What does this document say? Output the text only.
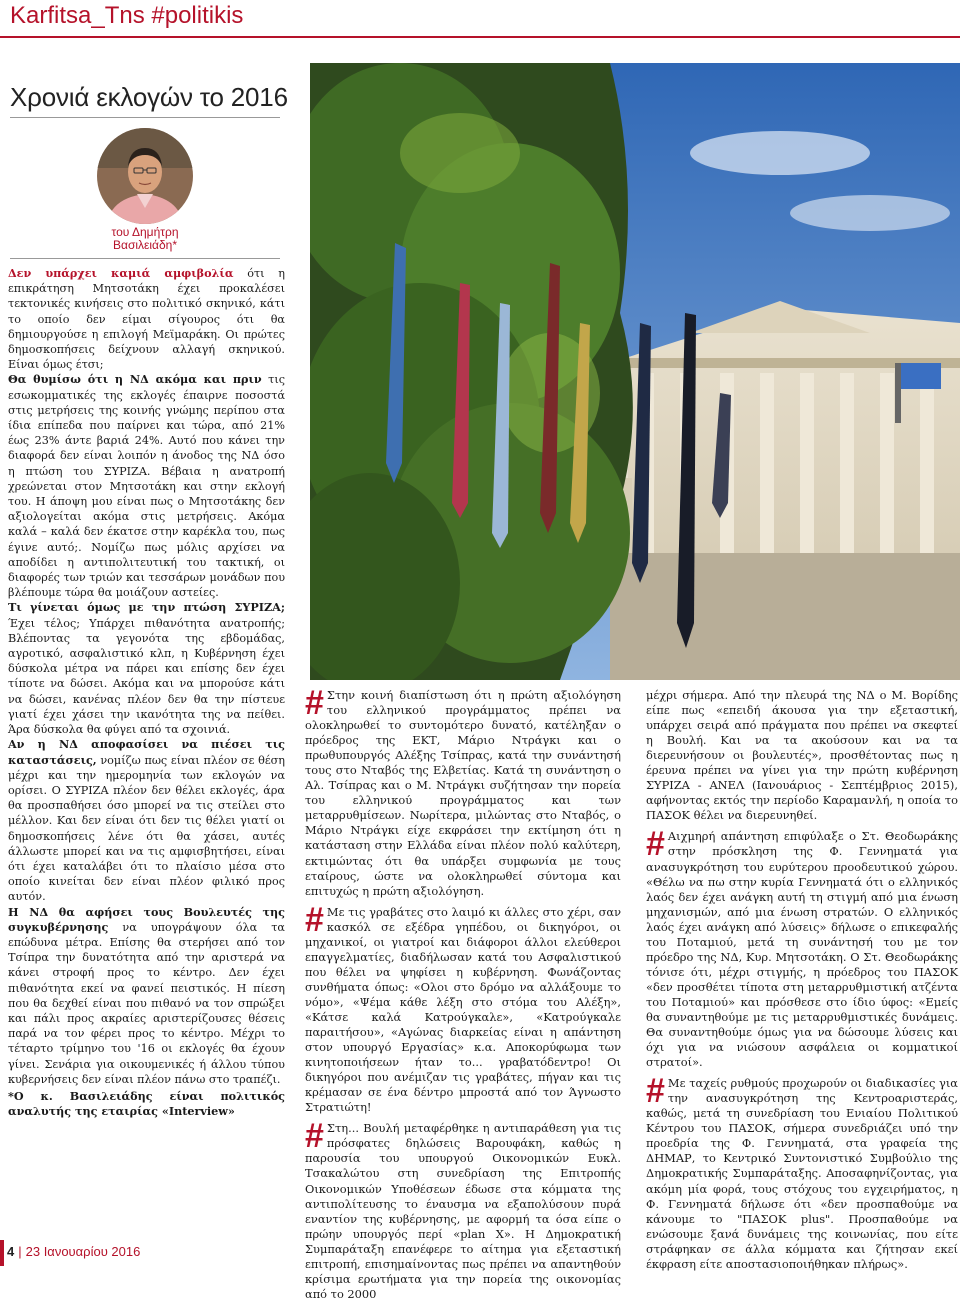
Karfitsa_Tns #politikis
Χρονιά εκλογών το 2016
του Δημήτρη
Βασιλειάδη*

Δεν υπάρχει καμιά αμφιβολία ότι η επικράτηση Μητσοτάκη έχει προκαλέσει τεκτονικές κινήσεις στο πολιτικό σκηνικό, κάτι το οποίο δεν είμαι σίγουρος ότι θα δημιουργούσε η επιλογή Μεϊμαράκη. Οι πρώτες δημοσκοπήσεις δείχνουν αλλαγή σκηνικού. Είναι όμως έτσι;

Θα θυμίσω ότι η ΝΔ ακόμα και πριν τις εσωκομματικές της εκλογές έπαιρνε ποσοστά στις μετρήσεις της κοινής γνώμης περίπου στα ίδια επίπεδα που παίρνει και τώρα, από 21% έως 23% άντε βαριά 24%. Αυτό που κάνει την διαφορά δεν είναι λοιπόν η άνοδος της ΝΔ όσο η πτώση του ΣΥΡΙΖΑ. Βέβαια η ανατροπή χρεώνεται στον Μητσοτάκη και στην εκλογή του. Η άποψη μου είναι πως ο Μητσοτάκης δεν αξιολογείται ακόμα στις μετρήσεις. Ακόμα καλά – καλά δεν έκατσε στην καρέκλα του, πως έγινε αυτό;. Νομίζω πως μόλις αρχίσει να αποδίδει η αντιπολιτευτική του τακτική, οι διαφορές των τριών και τεσσάρων μονάδων που βλέπουμε τώρα θα μοιάζουν αστείες.

Τι γίνεται όμως με την πτώση ΣΥΡΙΖΑ; Έχει τέλος; Υπάρχει πιθανότητα ανατροπής; Βλέποντας τα γεγονότα της εβδομάδας, αγροτικό, ασφαλιστικό κλπ, η Κυβέρνηση έχει δύσκολα μέτρα να πάρει και επίσης δεν έχει τίποτε να δώσει. Ακόμα και να μπορούσε κάτι να δώσει, κανένας πλέον δεν θα την πίστευε γιατί έχει χάσει την ικανότητα της να πείθει. Άρα δύσκολα θα φύγει από τα σχοινιά.

Αν η ΝΔ αποφασίσει να πιέσει τις καταστάσεις, νομίζω πως είναι πλέον σε θέση μέχρι και την ημερομηνία των εκλογών να ορίσει. Ο ΣΥΡΙΖΑ πλέον δεν θέλει εκλογές, άρα θα προσπαθήσει όσο μπορεί να τις στείλει στο μέλλον. Και δεν είναι ότι δεν τις θέλει γιατί οι δημοσκοπήσεις λένε ότι θα χάσει, αυτές άλλωστε μπορεί και να τις αμφισβητήσει, είναι ότι έχει καταλάβει ότι το πλαίσιο μέσα στο οποίο κινείται δεν είναι πλέον φιλικό προς αυτόν.

Η ΝΔ θα αφήσει τους Βουλευτές της συγκυβέρνησης να υπογράψουν όλα τα επώδυνα μέτρα. Επίσης θα στερήσει από τον Τσίπρα την δυνατότητα από την αριστερά να κάνει στροφή προς το κέντρο. Δεν έχει πιθανότητα εκεί να φανεί πειστικός. Η πίεση που θα δεχθεί είναι που πιθανό να τον σπρώξει και πάλι προς ακραίες αριστερίζουσες θέσεις παρά να τον φέρει προς το κέντρο. Μέχρι το τέταρτο τρίμηνο του '16 οι εκλογές θα έχουν γίνει. Σενάρια για οικουμενικές ή άλλου τύπου κυβερνήσεις δεν είναι πλέον πάνω στο τραπέζι.

*Ο κ. Βασιλειάδης είναι πολιτικός αναλυτής της εταιρίας «Interview»

# Στην κοινή διαπίστωση ότι η πρώτη αξιολόγηση του ελληνικού προγράμματος πρέπει να ολοκληρωθεί το συντομότερο δυνατό, κατέληξαν ο πρόεδρος της ΕΚΤ, Μάριο Ντράγκι και ο πρωθυπουργός Αλέξης Τσίπρας, κατά την συνάντησή τους στο Νταβός της Ελβετίας. Κατά τη συνάντηση ο Αλ. Τσίπρας και ο Μ. Ντράγκι συζήτησαν την πορεία του ελληνικού προγράμματος και των μεταρρυθμίσεων. Νωρίτερα, μιλώντας στο Νταβός, ο Μάριο Ντράγκι είχε εκφράσει την εκτίμηση ότι η κατάσταση στην Ελλάδα είναι πλέον πολύ καλύτερη, εκτιμώντας ότι θα υπάρξει συμφωνία με τους εταίρους, ώστε να ολοκληρωθεί σύντομα και επιτυχώς η πρώτη αξιολόγηση.

# Με τις γραβάτες στο λαιμό κι άλλες στο χέρι, σαν κασκόλ σε εξέδρα γηπέδου, οι δικηγόροι, οι μηχανικοί, οι γιατροί και διάφοροι άλλοι ελεύθεροι επαγγελματίες, διαδήλωσαν κατά του Ασφαλιστικού που θέλει να ψηφίσει η κυβέρνηση. Φωνάζοντας συνθήματα όπως: «Ολοι στο δρόμο να αλλάξουμε το νόμο», «Ψέμα κάθε λέξη στο στόμα του Αλέξη», «Κάτσε καλά Κατρούγκαλε», «Κατρούγκαλε παραιτήσου», «Αγώνας διαρκείας είναι η απάντηση στον υπουργό Εργασίας» κ.α. Αποκορύφωμα των κινητοποιήσεων ήταν το... γραβατόδεντρο! Οι δικηγόροι που ανέμιζαν τις γραβάτες, πήγαν και τις κρέμασαν σε ένα δέντρο μπροστά από τον Άγνωστο Στρατιώτη!

# Στη... Βουλή μεταφέρθηκε η αντιπαράθεση για τις πρόσφατες δηλώσεις Βαρουφάκη, καθώς η παρουσία του υπουργού Οικονομικών Ευκλ. Τσακαλώτου στη συνεδρίαση της Επιτροπής Οικονομικών Υποθέσεων έδωσε στα κόμματα της αντιπολίτευσης το έναυσμα να εξαπολύσουν πυρά εναντίον της κυβέρνησης, με αφορμή τα όσα είπε ο πρώην υπουργός περί «plan X». Η Δημοκρατική Συμπαράταξη επανέφερε το αίτημα για εξεταστική επιτροπή, επισημαίνοντας πως πρέπει να απαντηθούν κρίσιμα ερωτήματα για την πορεία της οικονομίας από το 2000

μέχρι σήμερα. Από την πλευρά της ΝΔ ο Μ. Βορίδης είπε πως «επειδή άκουσα για την εξεταστική, υπάρχει σειρά από πράγματα που πρέπει να σκεφτεί η Βουλή. Και να τα ακούσουν και να τα διερευνήσουν οι βουλευτές», προσθέτοντας πως η έρευνα πρέπει να γίνει για την πρώτη κυβέρνηση ΣΥΡΙΖΑ - ΑΝΕΛ (Ιανουάριος - Σεπτέμβριος 2015), αφήνοντας εκτός την περίοδο Καραμανλή, η οποία το ΠΑΣΟΚ θέλει να διερευνηθεί.

# Αιχμηρή απάντηση επιφύλαξε ο Στ. Θεοδωράκης στην πρόσκληση της Φ. Γεννηματά για ανασυγκρότηση του ευρύτερου προοδευτικού χώρου. «Θέλω να πω στην κυρία Γεννηματά ότι ο ελληνικός λαός δεν έχει ανάγκη αυτή τη στιγμή από μια ένωση μηχανισμών, από μια ένωση στρατών. Ο ελληνικός λαός έχει ανάγκη από λύσεις» δήλωσε ο επικεφαλής του Ποταμιού, μετά τη συνάντησή του με τον πρόεδρο της ΝΔ, Κυρ. Μητσοτάκη. Ο Στ. Θεοδωράκης τόνισε ότι, μέχρι στιγμής, η πρόεδρος του ΠΑΣΟΚ «δεν προσθέτει τίποτα στη μεταρρυθμιστική ατζέντα του Ποταμιού» και πρόσθεσε στο ίδιο ύφος: «Εμείς θα συναντηθούμε με τις μεταρρυθμιστικές δυνάμεις. Θα συναντηθούμε όμως για να δώσουμε λύσεις και όχι για να νιώσουν ασφάλεια οι κομματικοί στρατοί».

# Με ταχείς ρυθμούς προχωρούν οι διαδικασίες για την ανασυγκρότηση της Κεντροαριστεράς, καθώς, μετά τη συνεδρίαση του Ενιαίου Πολιτικού Κέντρου του ΠΑΣΟΚ, σήμερα συνεδριάζει υπό την προεδρία της Φ. Γεννηματά, στα γραφεία της ΔΗΜΑΡ, το Κεντρικό Συντονιστικό Συμβούλιο της Δημοκρατικής Συμπαράταξης. Αποσαφηνίζοντας, για ακόμη μία φορά, τους στόχους του εγχειρήματος, η Φ. Γεννηματά δήλωσε ότι «δεν προσπαθούμε να κάνουμε το "ΠΑΣΟΚ plus". Προσπαθούμε να ενώσουμε ξανά δυνάμεις της κοινωνίας, που είτε στράφηκαν σε άλλα κόμματα και ζήτησαν εκεί έκφραση είτε αποστασιοποιήθηκαν πλήρως».

4 | 23 Ιανουαρίου 2016
